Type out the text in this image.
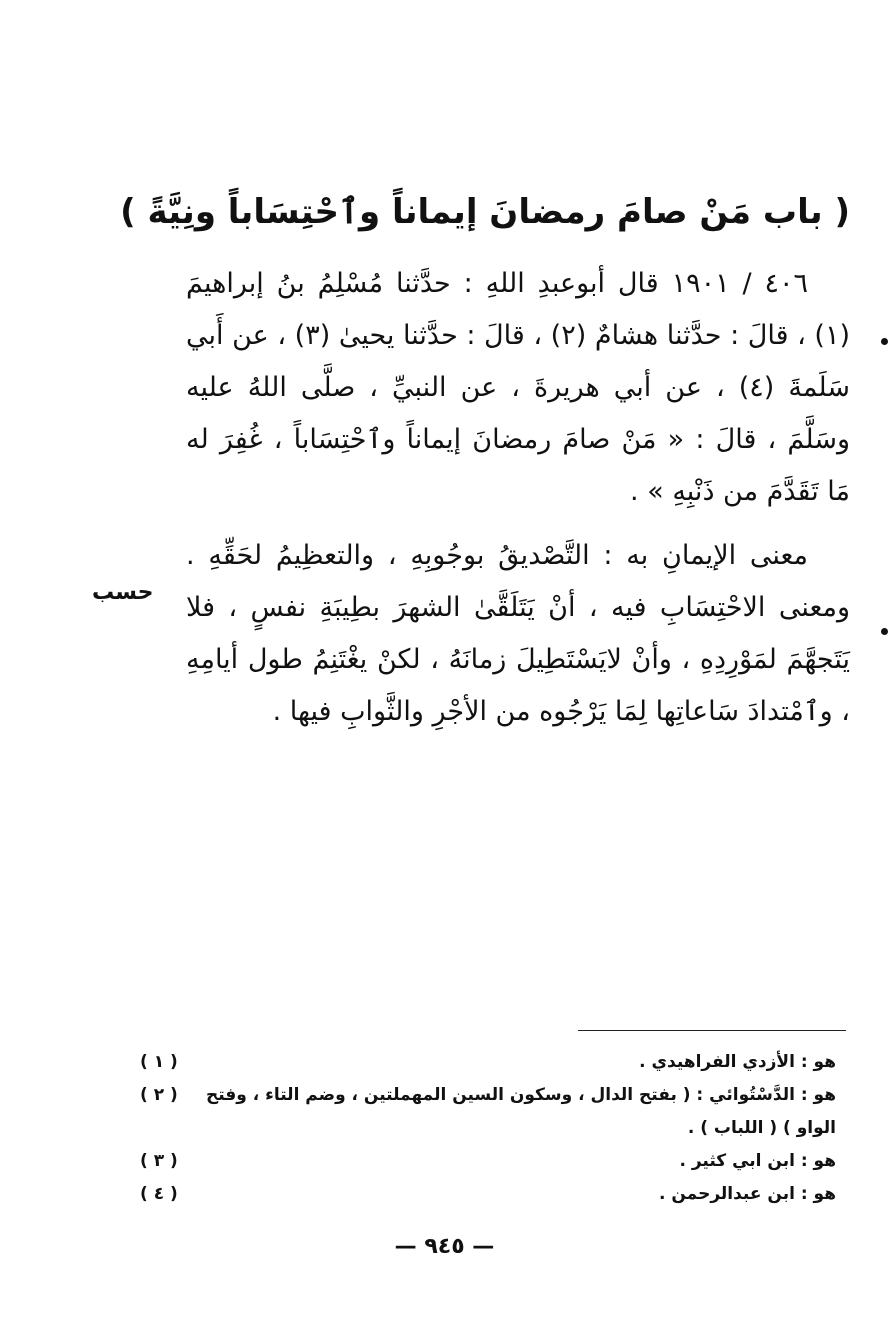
( باب مَنْ صامَ رمضانَ إيماناً وٱحْتِسَاباً ونِيَّةً )

٤٠٦ / ١٩٠١ قال أبوعبدِ اللهِ : حدَّثنا مُسْلِمُ بنُ إبراهيمَ (١) ، قالَ : حدَّثنا هشامٌ (٢) ، قالَ : حدَّثنا يحيىٰ (٣) ، عن أَبي سَلَمةَ (٤) ، عن أبي هريرةَ ، عن النبيِّ ، صلَّى اللهُ عليه وسَلَّمَ ، قالَ : « مَنْ صامَ رمضانَ إيماناً وٱحْتِسَاباً ، غُفِرَ له مَا تَقَدَّمَ من ذَنْبِهِ » .

معنى الإيمانِ به : التَّصْديقُ بوجُوبِهِ ، والتعظِيمُ لحَقِّهِ . ومعنى الاحْتِسَابِ فيه ، أنْ يَتَلَقَّىٰ الشهرَ بطِيبَةِ نفسٍ ، فلا يَتَجهَّمَ لمَوْرِدِهِ ، وأنْ لايَسْتَطِيلَ زمانَهُ ، لكنْ يغْتَنِمُ طول أيامِهِ ، وٱمْتدادَ سَاعاتِها لِمَا يَرْجُوه من الأجْرِ والثَّوابِ فيها .

حسب
( ١ )	هو : الأزدي الفراهيدي .
( ٢ )	هو : الدَّسْتُوائي : ( بفتح الدال ، وسكون السين المهملتين ، وضم التاء ، وفتح الواو ) ( اللباب ) .
( ٣ )	هو : ابن ابي كثير .
( ٤ )	هو : ابن عبدالرحمن .
— ٩٤٥ —
